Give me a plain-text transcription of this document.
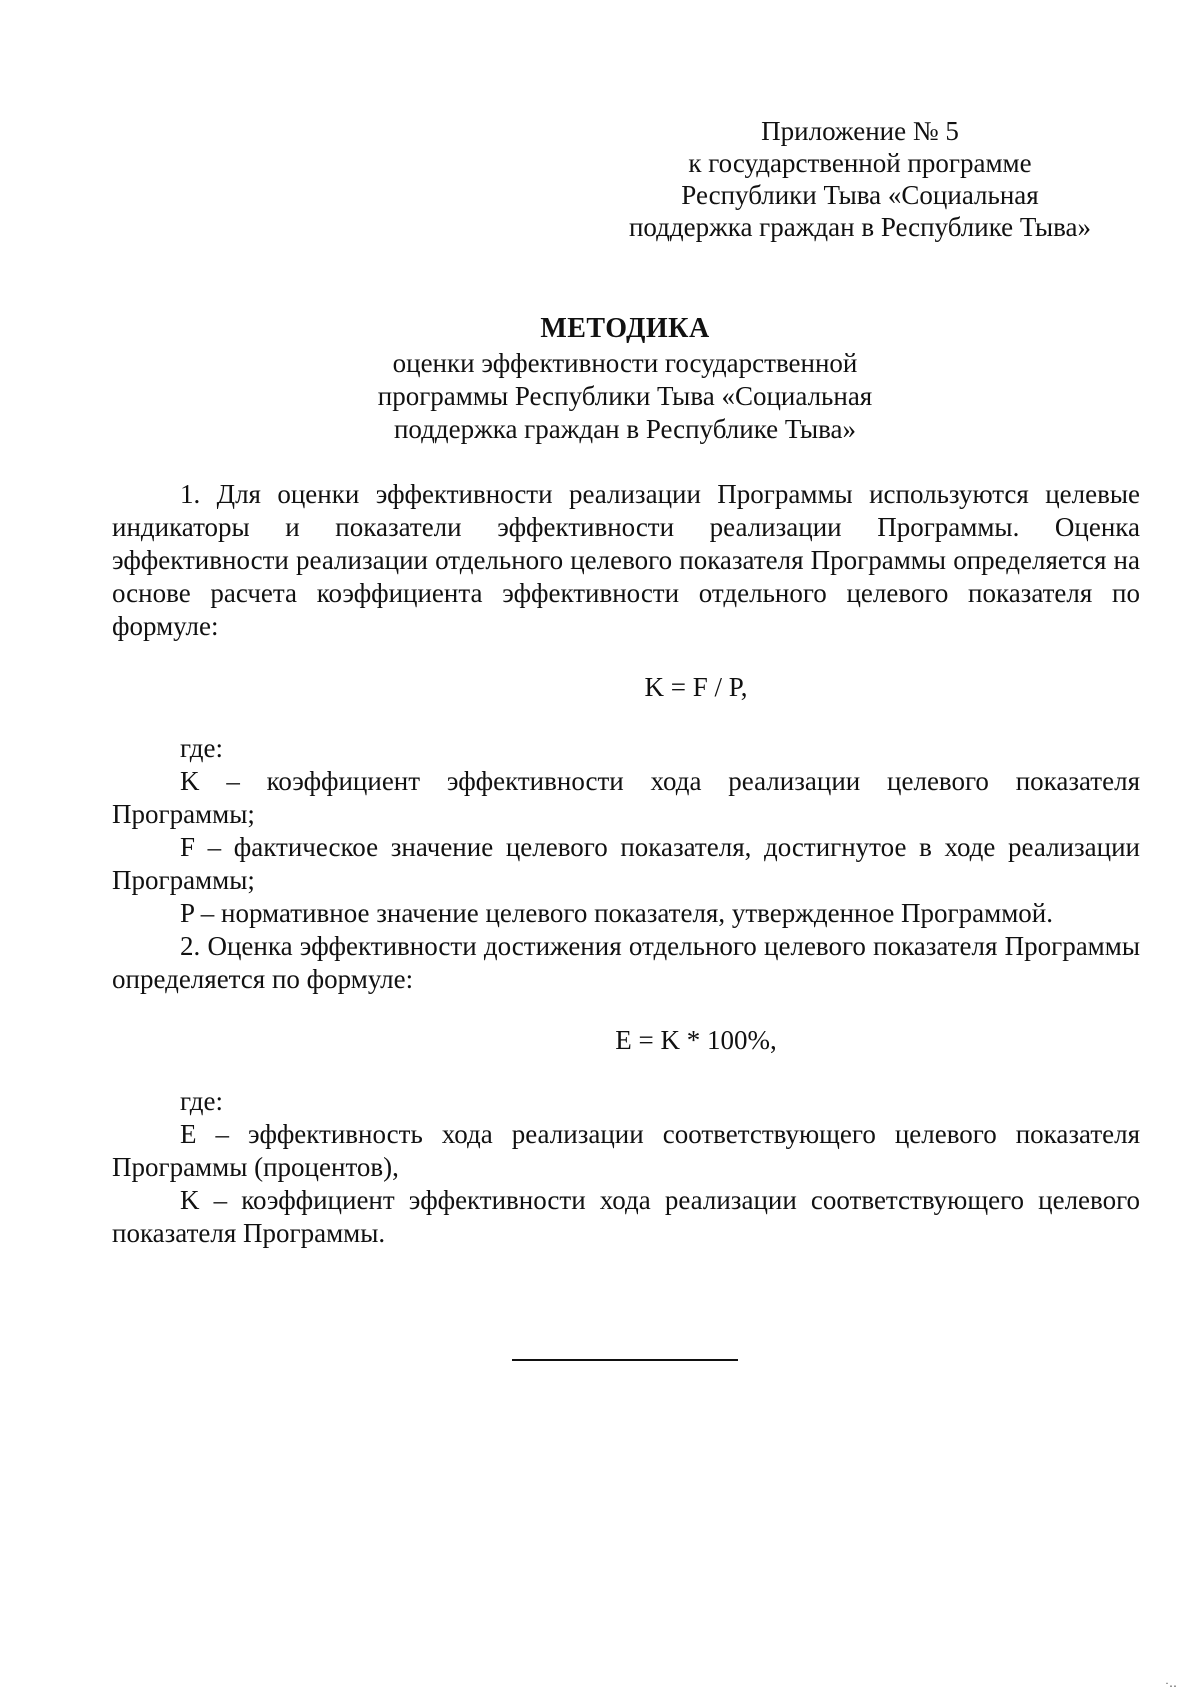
Приложение № 5
к государственной программе
Республики Тыва «Социальная
поддержка граждан в Республике Тыва»
МЕТОДИКА
оценки эффективности государственной
программы Республики Тыва «Социальная
поддержка граждан в Республике Тыва»

1. Для оценки эффективности реализации Программы используются целевые индикаторы и показатели эффективности реализации Программы. Оценка эффективности реализации отдельного целевого показателя Программы определяется на основе расчета коэффициента эффективности отдельного целевого показателя по формуле:

K = F / P,

где:

K – коэффициент эффективности хода реализации целевого показателя Программы;

F – фактическое значение целевого показателя, достигнутое в ходе реализации Программы;

P – нормативное значение целевого показателя, утвержденное Программой.

2. Оценка эффективности достижения отдельного целевого показателя Программы определяется по формуле:

E = K * 100%,

где:

E – эффективность хода реализации соответствующего целевого показателя Программы (процентов),

K – коэффициент эффективности хода реализации соответствующего целевого показателя Программы.

·‥
